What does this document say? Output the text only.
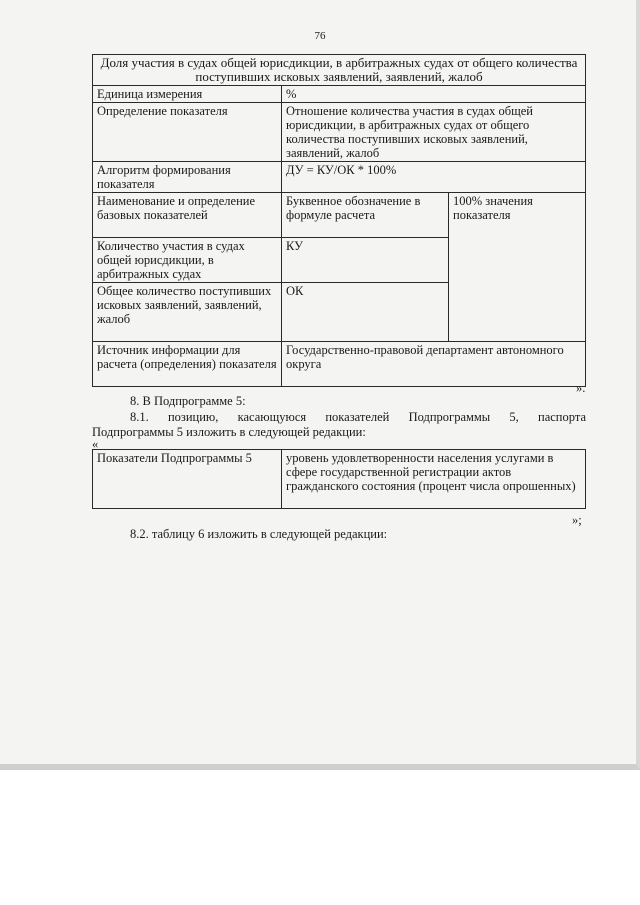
76
Доля участия в судах общей юрисдикции, в арбитражных судах от общего количества поступивших исковых заявлений, заявлений, жалоб		
Единица измерения	%	
Определение показателя	Отношение количества участия в судах общей юрисдикции, в арбитражных судах от общего количества поступивших исковых заявлений, заявлений, жалоб	
Алгоритм формирования показателя	ДУ = КУ/ОК * 100%	
Наименование и определение базовых показателей	Буквенное обозначение в формуле расчета	100% значения показателя
Количество участия в судах общей юрисдикции, в арбитражных судах	КУ	
Общее количество поступивших исковых заявлений, заявлений, жалоб	ОК	
Источник информации для расчета (определения) показателя	Государственно-правовой департамент автономного округа	
».
8. В Подпрограмме 5:
8.1. позицию, касающуюся показателей Подпрограммы 5, паспорта
Подпрограммы 5 изложить в следующей редакции:
«
Показатели Подпрограммы 5	уровень удовлетворенности населения услугами в сфере государственной регистрации актов гражданского состояния (процент числа опрошенных)
»;
8.2. таблицу 6 изложить в следующей редакции:
